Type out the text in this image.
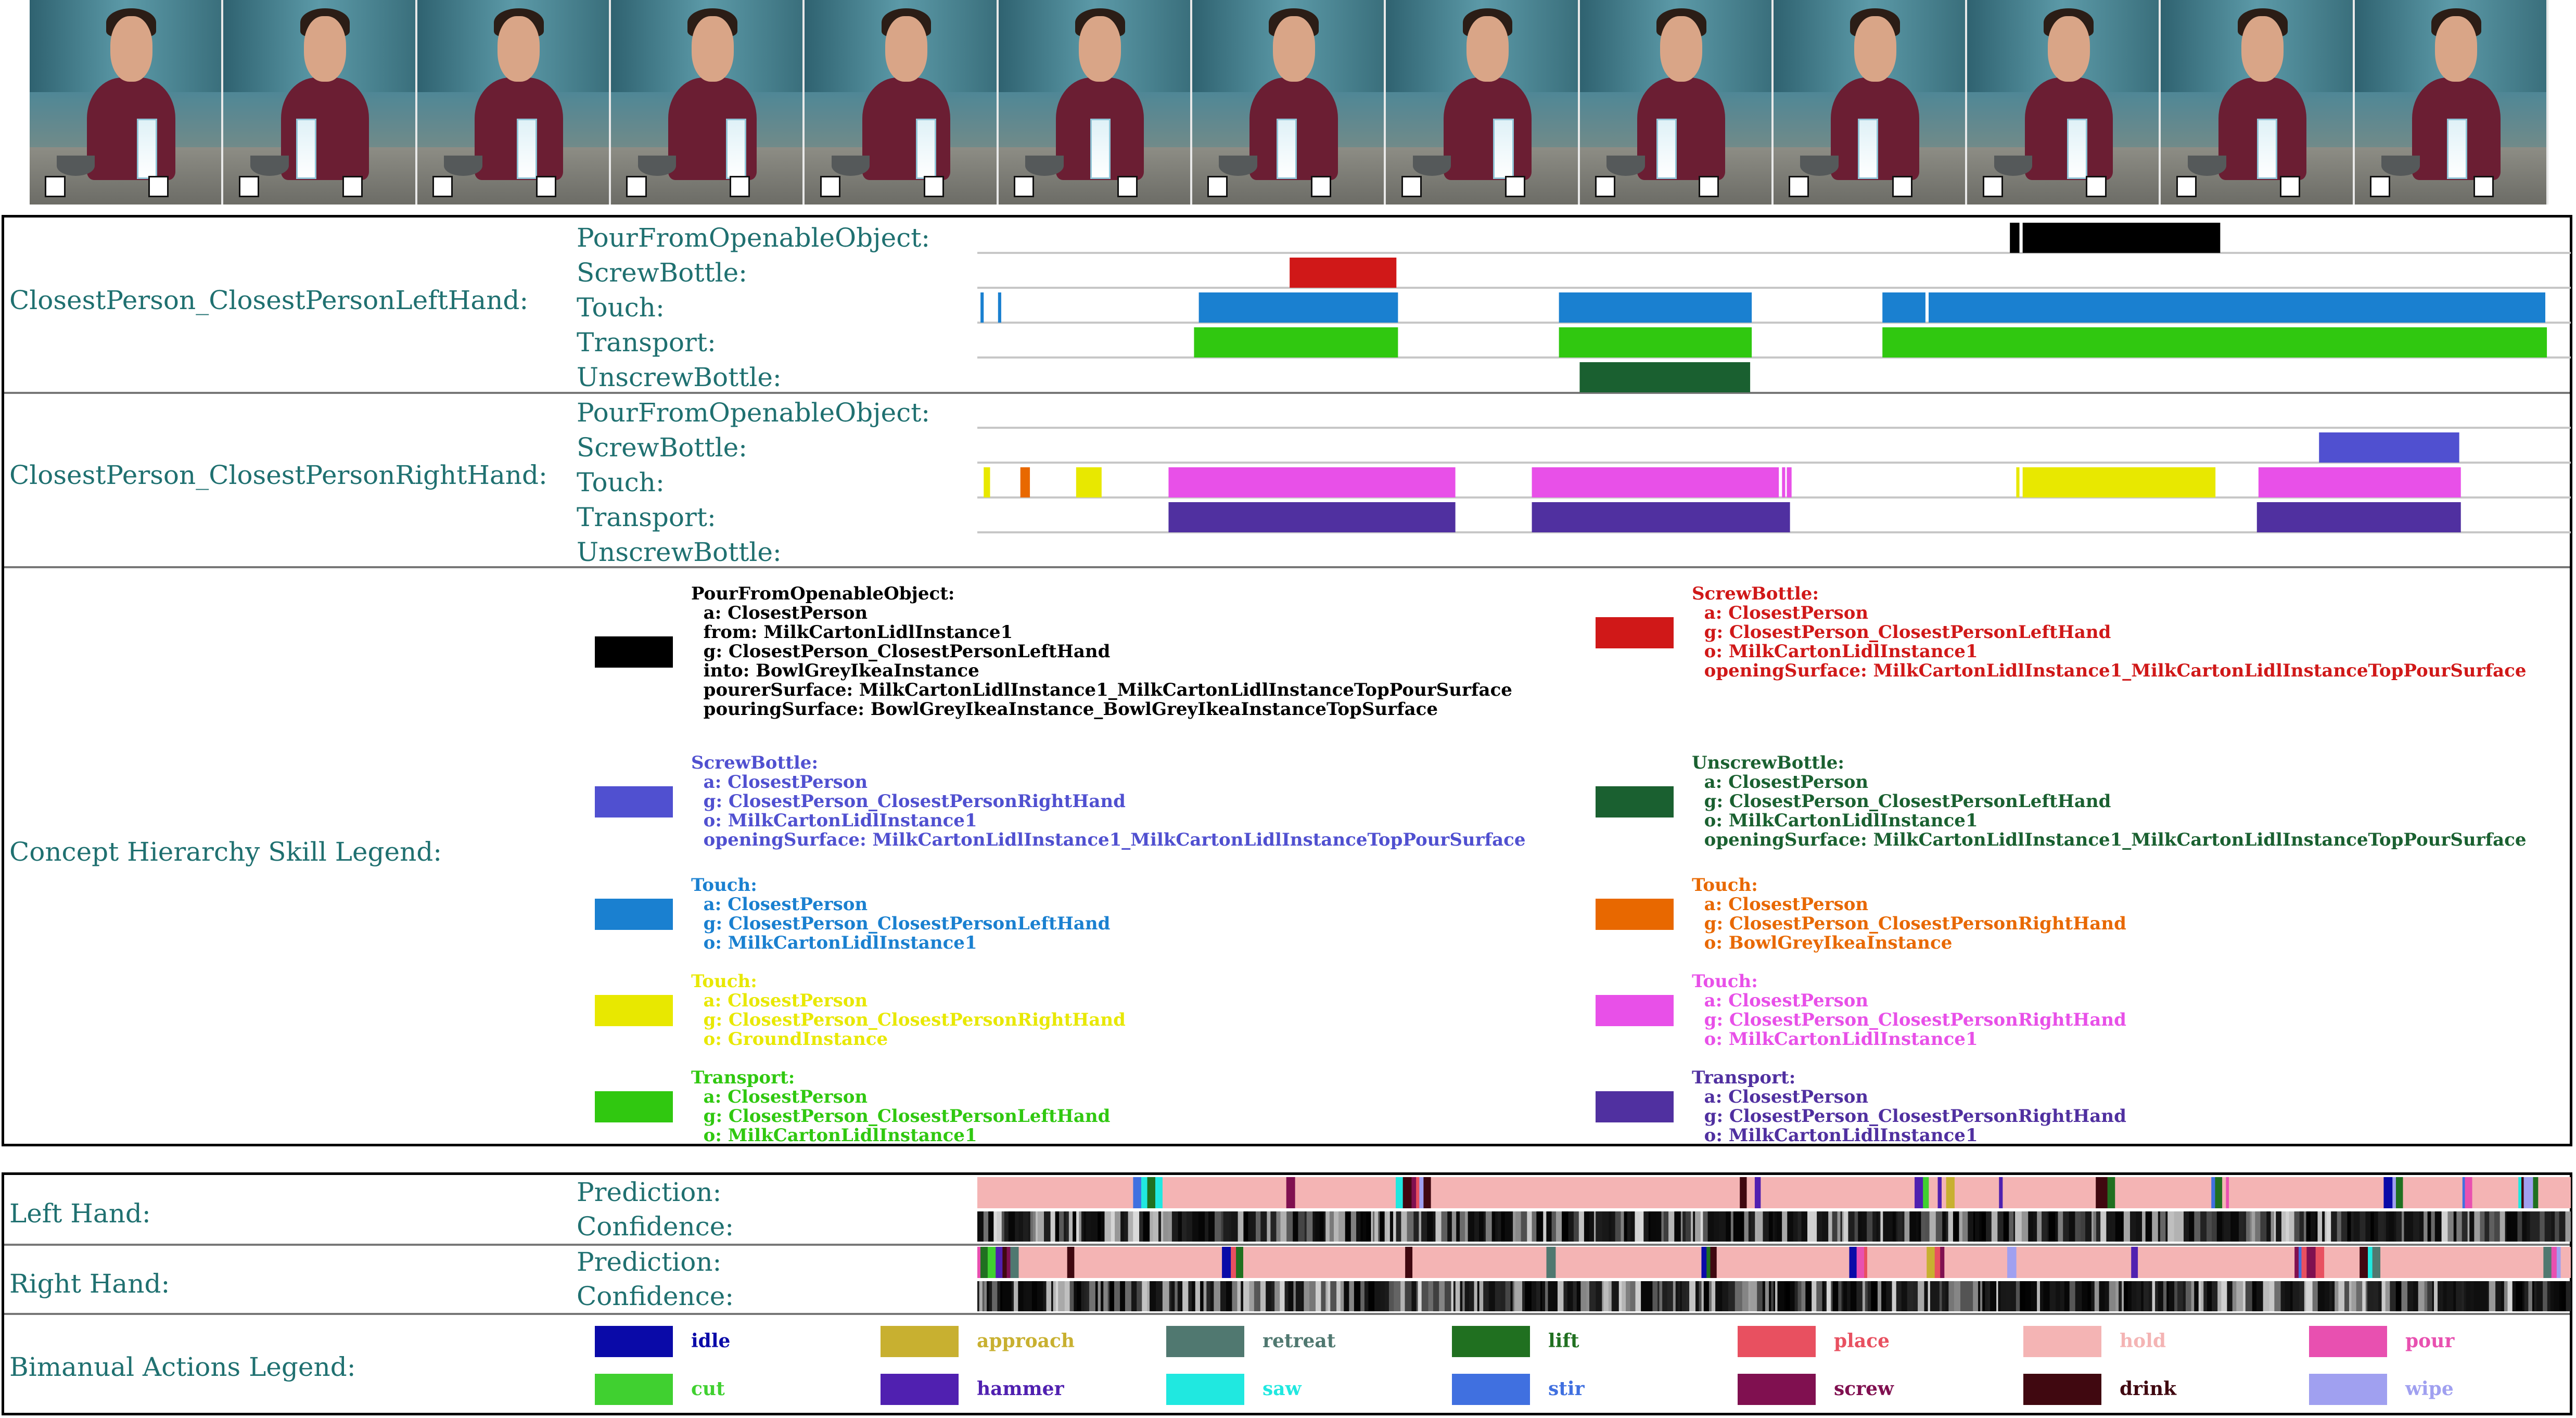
ClosestPerson_ClosestPersonLeftHand:
PourFromOpenableObject:
ScrewBottle:
Touch:
Transport:
UnscrewBottle:
ClosestPerson_ClosestPersonRightHand:
PourFromOpenableObject:
ScrewBottle:
Touch:
Transport:
UnscrewBottle:
Concept Hierarchy Skill Legend:
PourFromOpenableObject:
a: ClosestPerson
from: MilkCartonLidlInstance1
g: ClosestPerson_ClosestPersonLeftHand
into: BowlGreyIkeaInstance
pourerSurface: MilkCartonLidlInstance1_MilkCartonLidlInstanceTopPourSurface
pouringSurface: BowlGreyIkeaInstance_BowlGreyIkeaInstanceTopSurface
ScrewBottle:
a: ClosestPerson
g: ClosestPerson_ClosestPersonLeftHand
o: MilkCartonLidlInstance1
openingSurface: MilkCartonLidlInstance1_MilkCartonLidlInstanceTopPourSurface
ScrewBottle:
a: ClosestPerson
g: ClosestPerson_ClosestPersonRightHand
o: MilkCartonLidlInstance1
openingSurface: MilkCartonLidlInstance1_MilkCartonLidlInstanceTopPourSurface
UnscrewBottle:
a: ClosestPerson
g: ClosestPerson_ClosestPersonLeftHand
o: MilkCartonLidlInstance1
openingSurface: MilkCartonLidlInstance1_MilkCartonLidlInstanceTopPourSurface
Touch:
a: ClosestPerson
g: ClosestPerson_ClosestPersonLeftHand
o: MilkCartonLidlInstance1
Touch:
a: ClosestPerson
g: ClosestPerson_ClosestPersonRightHand
o: BowlGreyIkeaInstance
Touch:
a: ClosestPerson
g: ClosestPerson_ClosestPersonRightHand
o: GroundInstance
Touch:
a: ClosestPerson
g: ClosestPerson_ClosestPersonRightHand
o: MilkCartonLidlInstance1
Transport:
a: ClosestPerson
g: ClosestPerson_ClosestPersonLeftHand
o: MilkCartonLidlInstance1
Transport:
a: ClosestPerson
g: ClosestPerson_ClosestPersonRightHand
o: MilkCartonLidlInstance1
Left Hand:
Prediction:
Confidence:
Right Hand:
Prediction:
Confidence:
Bimanual Actions Legend:
idle	approach	retreat	lift	place	hold	pour
cut	hammer	saw	stir	screw	drink	wipe
